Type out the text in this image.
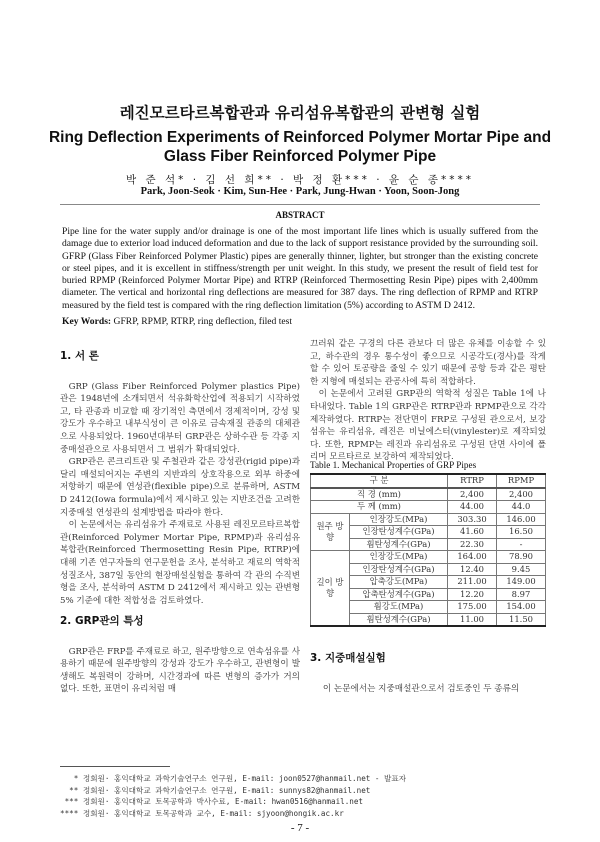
레진모르타르복합관과 유리섬유복합관의 관변형 실험
Ring Deflection Experiments of Reinforced Polymer Mortar Pipe and Glass Fiber Reinforced Polymer Pipe
박 준 석* · 김 선 희** · 박 정 환*** · 윤 순 종****
Park, Joon-Seok · Kim, Sun-Hee · Park, Jung-Hwan · Yoon, Soon-Jong
ABSTRACT
Pipe line for the water supply and/or drainage is one of the most important life lines which is usually suffered from the damage due to exterior load induced deformation and due to the lack of support resistance provided by the surrounding soil. GFRP (Glass Fiber Reinforced Polymer Plastic) pipes are generally thinner, lighter, but stronger than the existing concrete or steel pipes, and it is excellent in stiffness/strength per unit weight. In this study, we present the result of field test for buried RPMP (Reinforced Polymer Mortar Pipe) and RTRP (Reinforced Thermosetting Resin Pipe) pipes with 2,400mm diameter. The vertical and horizontal ring deflections are measured for 387 days. The ring deflection of RPMP and RTRP measured by the field test is compared with the ring deflection limitation (5%) according to ASTM D 2412.
Key Words: GFRP, RPMP, RTRP, ring deflection, filed test
1. 서 론

GRP (Glass Fiber Reinforced Polymer plastics Pipe)관은 1948년에 소개되면서 석유화학산업에 적용되기 시작하였고, 타 관종과 비교할 때 장기적인 측면에서 경제적이며, 강성 및 강도가 우수하고 내부식성이 큰 이유로 금속재질 관종의 대체관으로 사용되었다. 1960년대부터 GRP관은 상하수관 등 각종 지중매설관으로 사용되면서 그 범위가 확대되었다.

GRP관은 콘크리트관 및 주철관과 같은 강성관(rigid pipe)과 달리 매설되어지는 주변의 지반과의 상호작용으로 외부 하중에 저항하기 때문에 연성관(flexible pipe)으로 분류하며, ASTM D 2412(Iowa formula)에서 제시하고 있는 지반조건을 고려한 지중매설 연성관의 설계방법을 따라야 한다.

이 논문에서는 유리섬유가 주재료로 사용된 레진모르타르복합관(Reinforced Polymer Mortar Pipe, RPMP)과 유리섬유복합관(Reinforced Thermosetting Resin Pipe, RTRP)에 대해 기존 연구자들의 연구문헌을 조사, 분석하고 재료의 역학적 성질조사, 387일 동안의 현장매설실험을 통하여 각 관의 수직변형을 조사, 분석하여 ASTM D 2412에서 제시하고 있는 관변형 5% 기준에 대한 적합성을 검토하였다.

2. GRP관의 특성

GRP관은 FRP를 주재료로 하고, 원주방향으로 연속섬유를 사용하기 때문에 원주방향의 강성과 강도가 우수하고, 관변형이 발생해도 복원력이 강하며, 시간경과에 따른 변형의 증가가 거의 없다. 또한, 표면이 유리처럼 매

끄러워 같은 구경의 다른 관보다 더 많은 유체를 이송할 수 있고, 하수관의 경우 통수성이 좋으므로 시공각도(경사)를 작게 할 수 있어 토공량을 줄일 수 있기 때문에 공항 등과 같은 평탄한 지형에 매설되는 관공사에 특히 적합하다.

이 논문에서 고려된 GRP관의 역학적 성질은 Table 1에 나타내었다. Table 1의 GRP관은 RTRP관과 RPMP관으로 각각 제작하였다. RTRP는 전단면이 FRP로 구성된 관으로서, 보강섬유는 유리섬유, 레진은 비닐에스터(vinylester)로 제작되었다. 또한, RPMP는 레진과 유리섬유로 구성된 단면 사이에 폴리머 모르타르로 보강하여 제작되었다.

Table 1. Mechanical Properties of GRP Pipes
구 분		RTRP	RPMP
직 경 (mm)		2,400	2,400
두 께 (mm)		44.00	44.0
원주 방향	인장강도(MPa)	303.30	146.00
	인장탄성계수(GPa)	41.60	16.50
	휨탄성계수(GPa)	22.30	-
길이 방향	인장강도(MPa)	164.00	78.90
	인장탄성계수(GPa)	12.40	9.45
	압축강도(MPa)	211.00	149.00
	압축탄성계수(GPa)	12.20	8.97
	휨강도(MPa)	175.00	154.00
	휨탄성계수(GPa)	11.00	11.50
3. 지중매설실험

이 논문에서는 지중매설관으로서 검토중인 두 종류의

* 정회원· 홍익대학교 과학기술연구소 연구원, E-mail: joon0527@hanmail.net - 발표자
** 정회원· 홍익대학교 과학기술연구소 연구원, E-mail: sunnys82@hanmail.net
*** 정회원· 홍익대학교 토목공학과 박사수료, E-mail: hwan0516@hanmail.net
**** 정회원· 홍익대학교 토목공학과 교수, E-mail: sjyoon@hongik.ac.kr
- 7 -
